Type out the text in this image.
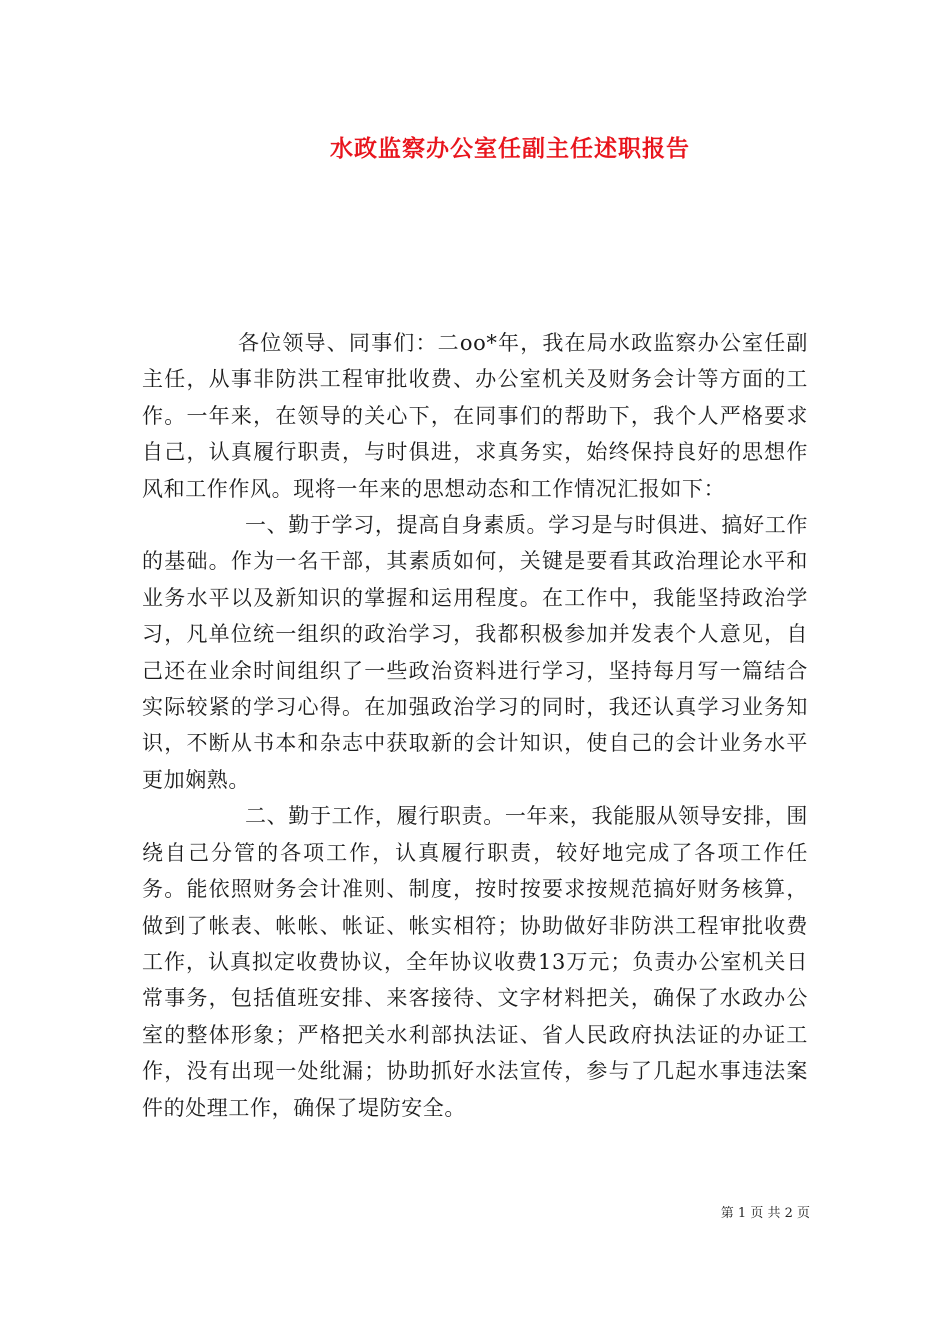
水政监察办公室任副主任述职报告

各位领导、同事们：二oo*年，我在局水政监察办公室任副主任，从事非防洪工程审批收费、办公室机关及财务会计等方面的工作。一年来，在领导的关心下，在同事们的帮助下，我个人严格要求自己，认真履行职责，与时俱进，求真务实，始终保持良好的思想作风和工作作风。现将一年来的思想动态和工作情况汇报如下：

一、勤于学习，提高自身素质。学习是与时俱进、搞好工作的基础。作为一名干部，其素质如何，关键是要看其政治理论水平和业务水平以及新知识的掌握和运用程度。在工作中，我能坚持政治学习，凡单位统一组织的政治学习，我都积极参加并发表个人意见，自己还在业余时间组织了一些政治资料进行学习，坚持每月写一篇结合实际较紧的学习心得。在加强政治学习的同时，我还认真学习业务知识，不断从书本和杂志中获取新的会计知识，使自己的会计业务水平更加娴熟。

二、勤于工作，履行职责。一年来，我能服从领导安排，围绕自己分管的各项工作，认真履行职责，较好地完成了各项工作任务。能依照财务会计准则、制度，按时按要求按规范搞好财务核算，做到了帐表、帐帐、帐证、帐实相符；协助做好非防洪工程审批收费工作，认真拟定收费协议，全年协议收费13万元；负责办公室机关日常事务，包括值班安排、来客接待、文字材料把关，确保了水政办公室的整体形象；严格把关水利部执法证、省人民政府执法证的办证工作，没有出现一处纰漏；协助抓好水法宣传，参与了几起水事违法案件的处理工作，确保了堤防安全。

第 1 页 共 2 页
